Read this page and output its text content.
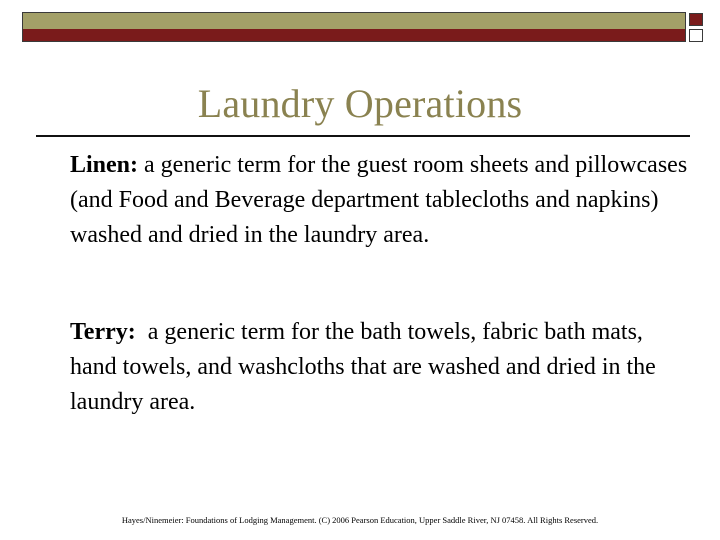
Laundry Operations
Linen: a generic term for the guest room sheets and pillowcases (and Food and Beverage department tablecloths and napkins) washed and dried in the laundry area.
Terry:  a generic term for the bath towels, fabric bath mats, hand towels, and washcloths that are washed and dried in the laundry area.
Hayes/Ninemeier: Foundations of Lodging Management. (C) 2006 Pearson Education, Upper Saddle River, NJ 07458. All Rights Reserved.
